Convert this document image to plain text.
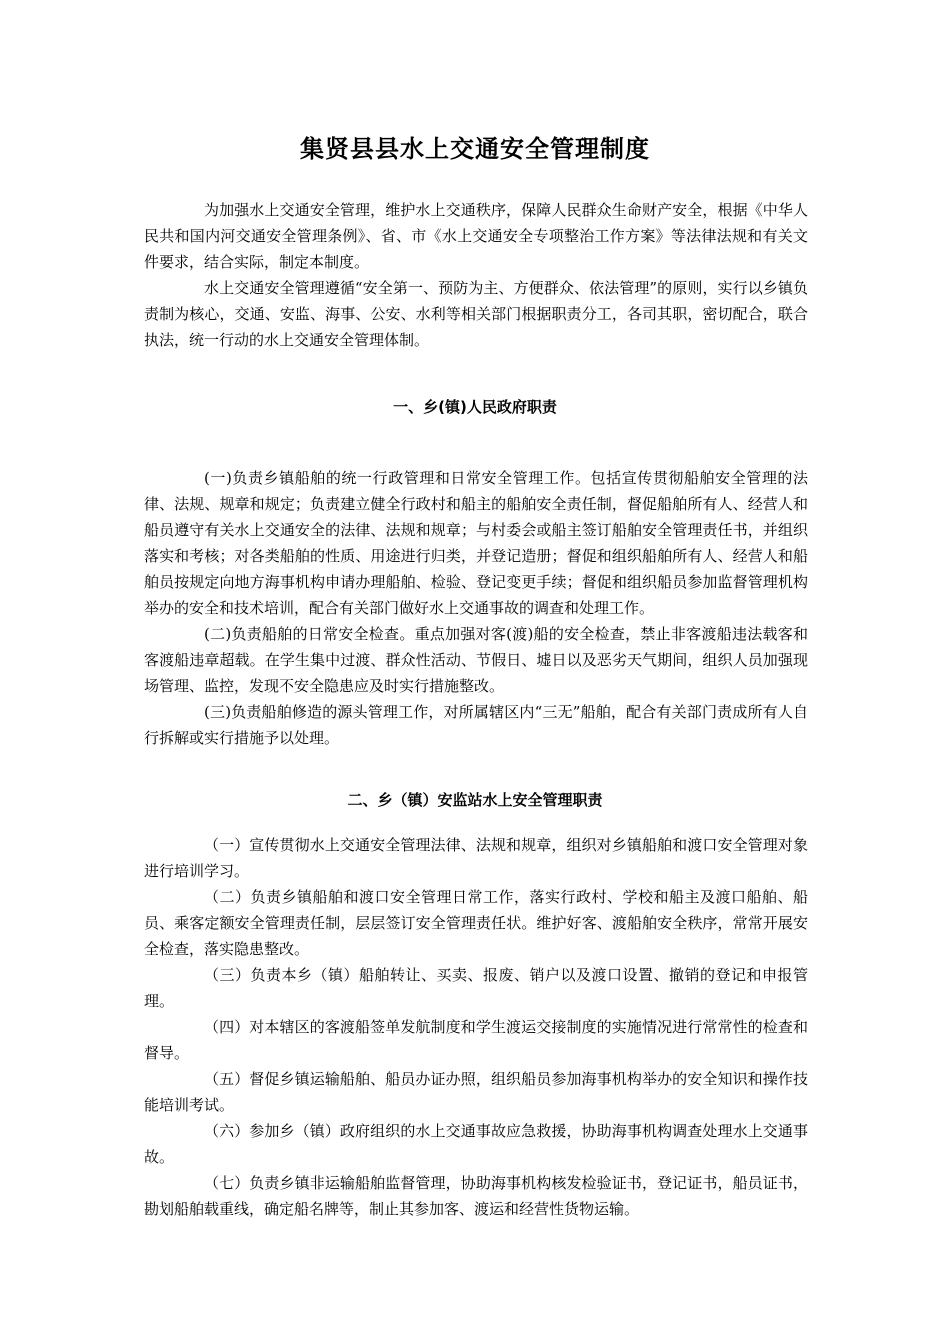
集贤县县水上交通安全管理制度

为加强水上交通安全管理，维护水上交通秩序，保障人民群众生命财产安全，根据《中华人民共和国内河交通安全管理条例》、省、市《水上交通安全专项整治工作方案》等法律法规和有关文件要求，结合实际，制定本制度。

水上交通安全管理遵循“安全第一、预防为主、方便群众、依法管理”的原则，实行以乡镇负责制为核心，交通、安监、海事、公安、水利等相关部门根据职责分工，各司其职，密切配合，联合执法，统一行动的水上交通安全管理体制。

一、乡(镇)人民政府职责

(一)负责乡镇船舶的统一行政管理和日常安全管理工作。包括宣传贯彻船舶安全管理的法律、法规、规章和规定；负责建立健全行政村和船主的船舶安全责任制，督促船舶所有人、经营人和船员遵守有关水上交通安全的法律、法规和规章；与村委会或船主签订船舶安全管理责任书，并组织落实和考核；对各类船舶的性质、用途进行归类，并登记造册；督促和组织船舶所有人、经营人和船舶员按规定向地方海事机构申请办理船舶、检验、登记变更手续；督促和组织船员参加监督管理机构举办的安全和技术培训，配合有关部门做好水上交通事故的调查和处理工作。

(二)负责船舶的日常安全检查。重点加强对客(渡)船的安全检查，禁止非客渡船违法载客和客渡船违章超载。在学生集中过渡、群众性活动、节假日、墟日以及恶劣天气期间，组织人员加强现场管理、监控，发现不安全隐患应及时实行措施整改。

(三)负责船舶修造的源头管理工作，对所属辖区内“三无”船舶，配合有关部门责成所有人自行拆解或实行措施予以处理。

二、乡（镇）安监站水上安全管理职责

（一）宣传贯彻水上交通安全管理法律、法规和规章，组织对乡镇船舶和渡口安全管理对象进行培训学习。

（二）负责乡镇船舶和渡口安全管理日常工作，落实行政村、学校和船主及渡口船舶、船员、乘客定额安全管理责任制，层层签订安全管理责任状。维护好客、渡船舶安全秩序，常常开展安全检查，落实隐患整改。

（三）负责本乡（镇）船舶转让、买卖、报废、销户以及渡口设置、撤销的登记和申报管理。

（四）对本辖区的客渡船签单发航制度和学生渡运交接制度的实施情况进行常常性的检查和督导。

（五）督促乡镇运输船舶、船员办证办照，组织船员参加海事机构举办的安全知识和操作技能培训考试。

（六）参加乡（镇）政府组织的水上交通事故应急救援，协助海事机构调查处理水上交通事故。

（七）负责乡镇非运输船舶监督管理，协助海事机构核发检验证书，登记证书，船员证书，勘划船舶载重线，确定船名牌等，制止其参加客、渡运和经营性货物运输。
